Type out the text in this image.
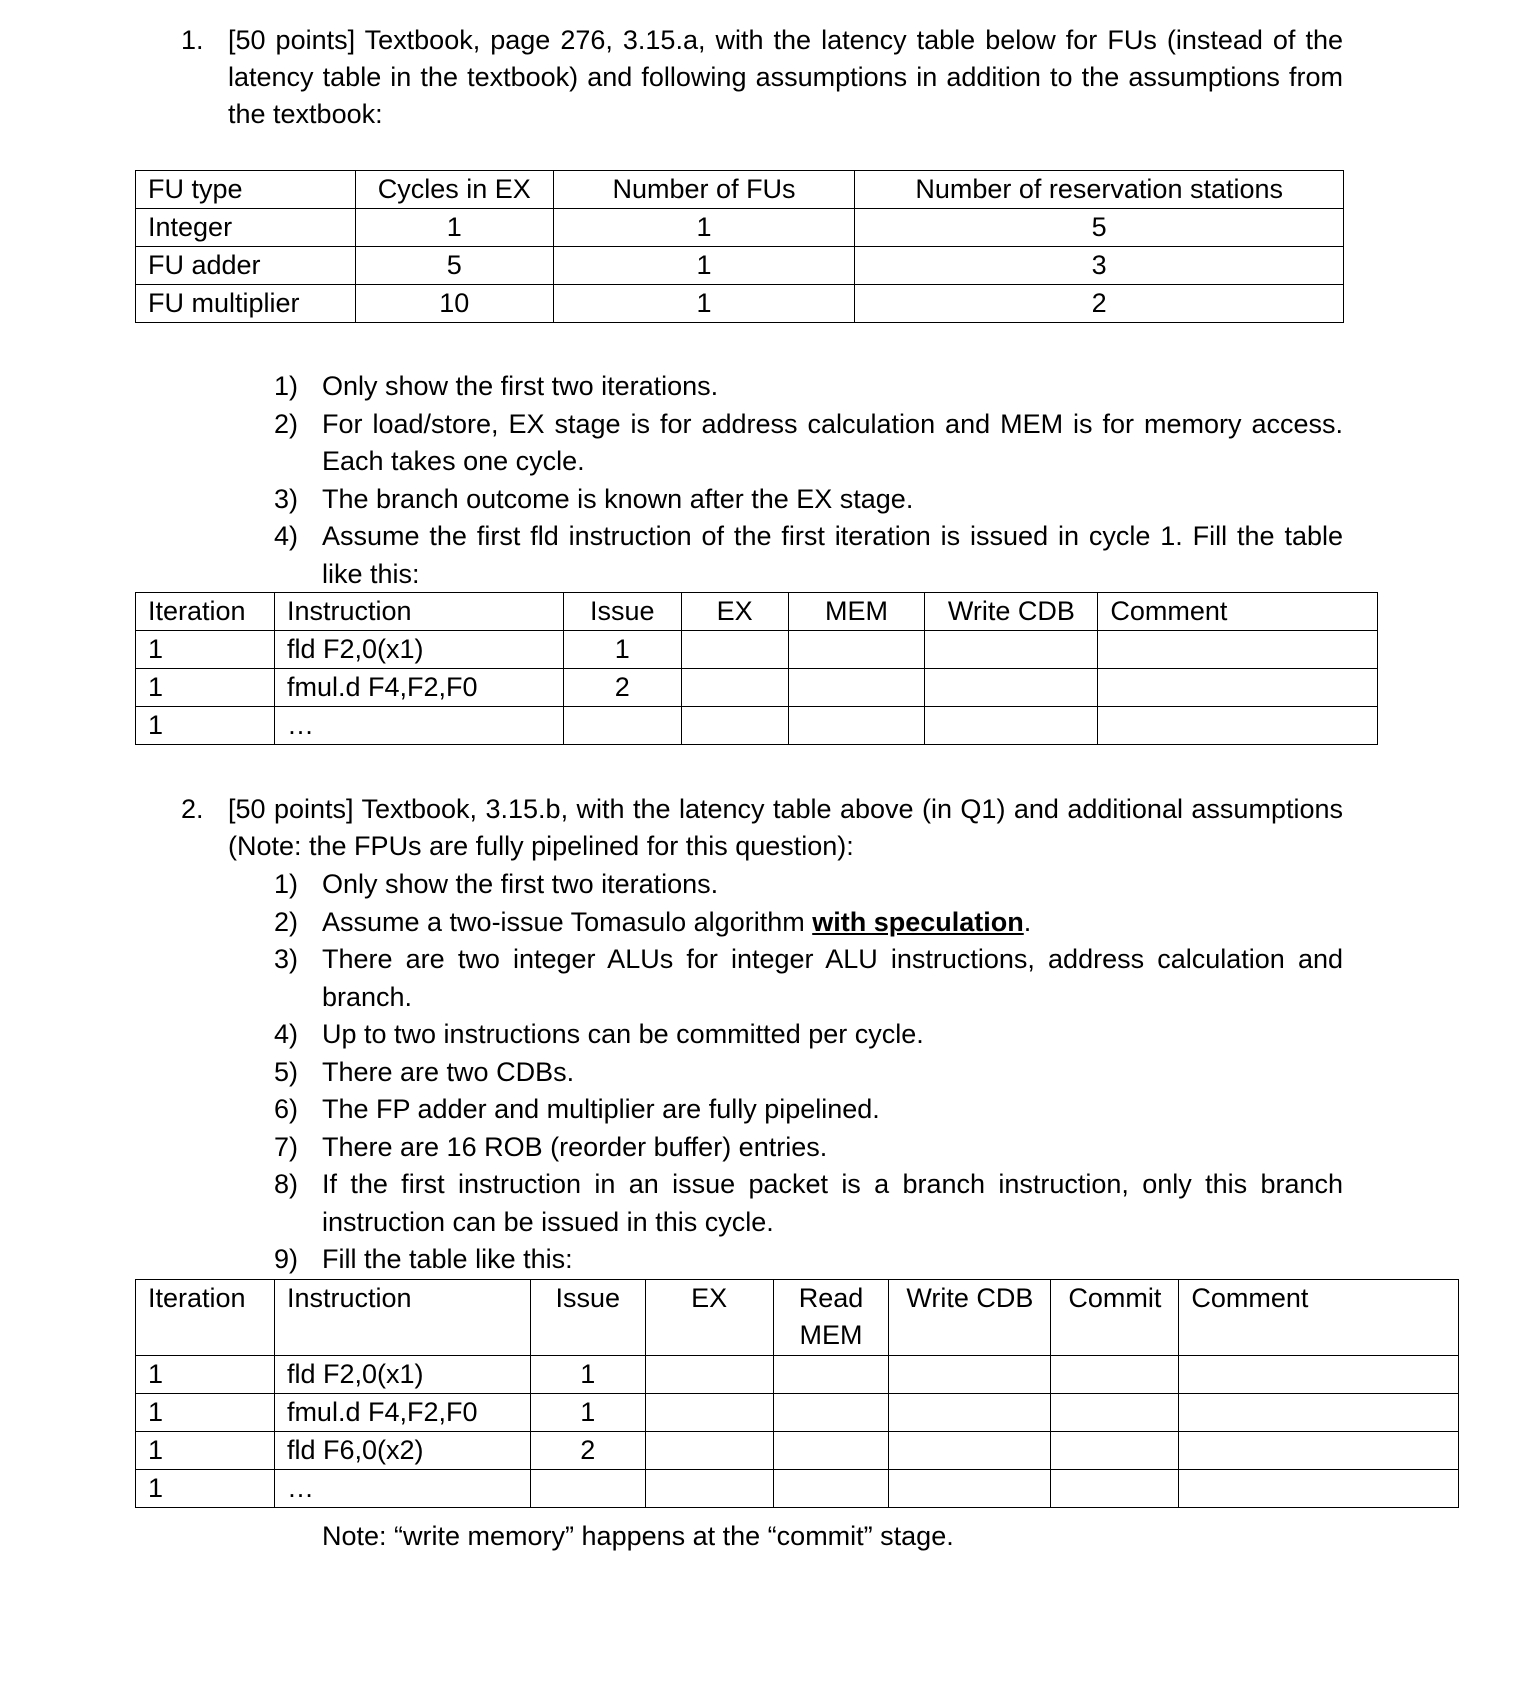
1. [50 points] Textbook, page 276, 3.15.a, with the latency table below for FUs (instead of the latency table in the textbook) and following assumptions in addition to the assumptions from the textbook:
FU type	Cycles in EX	Number of FUs	Number of reservation stations
Integer	1	1	5
FU adder	5	1	3
FU multiplier	10	1	2
1) Only show the first two iterations.
2) For load/store, EX stage is for address calculation and MEM is for memory access. Each takes one cycle.
3) The branch outcome is known after the EX stage.
4) Assume the first fld instruction of the first iteration is issued in cycle 1. Fill the table like this:
Iteration	Instruction	Issue	EX	MEM	Write CDB	Comment
1	fld F2,0(x1)	1				
1	fmul.d F4,F2,F0	2				
1	…					
2. [50 points] Textbook, 3.15.b, with the latency table above (in Q1) and additional assumptions (Note: the FPUs are fully pipelined for this question):
1) Only show the first two iterations.
2) Assume a two-issue Tomasulo algorithm with speculation.
3) There are two integer ALUs for integer ALU instructions, address calculation and branch.
4) Up to two instructions can be committed per cycle.
5) There are two CDBs.
6) The FP adder and multiplier are fully pipelined.
7) There are 16 ROB (reorder buffer) entries.
8) If the first instruction in an issue packet is a branch instruction, only this branch instruction can be issued in this cycle.
9) Fill the table like this:
Iteration	Instruction	Issue	EX	Read MEM	Write CDB	Commit	Comment
1	fld F2,0(x1)	1					
1	fmul.d F4,F2,F0	1					
1	fld F6,0(x2)	2					
1	…						
Note: “write memory” happens at the “commit” stage.
